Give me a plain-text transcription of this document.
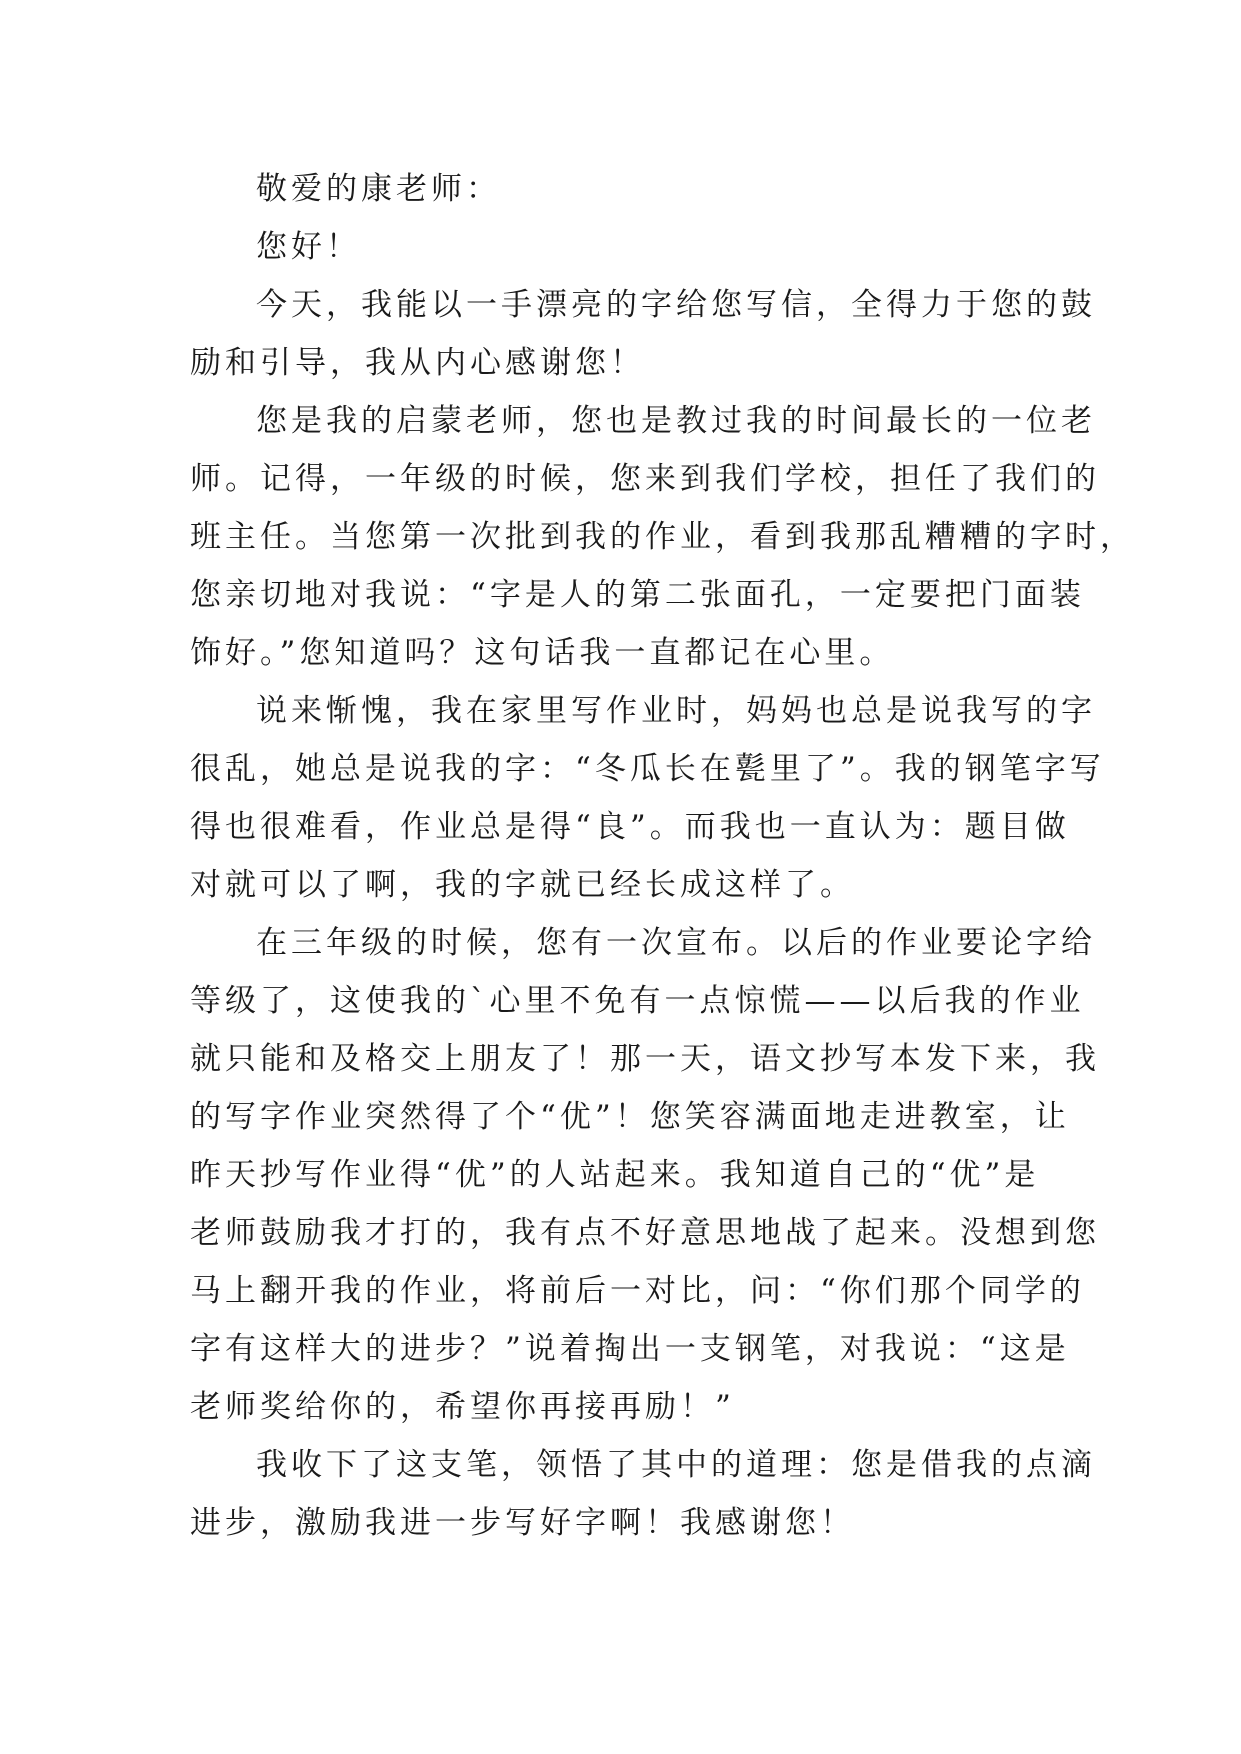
敬爱的康老师：
您好！
今天，我能以一手漂亮的字给您写信，全得力于您的鼓
励和引导，我从内心感谢您！
您是我的启蒙老师，您也是教过我的时间最长的一位老
师。记得，一年级的时候，您来到我们学校，担任了我们的
班主任。当您第一次批到我的作业，看到我那乱糟糟的字时，
您亲切地对我说：“字是人的第二张面孔，一定要把门面装
饰好。”您知道吗？这句话我一直都记在心里。
说来惭愧，我在家里写作业时，妈妈也总是说我写的字
很乱，她总是说我的字：“冬瓜长在甏里了”。我的钢笔字写
得也很难看，作业总是得“良”。而我也一直认为：题目做
对就可以了啊，我的字就已经长成这样了。
在三年级的时候，您有一次宣布。以后的作业要论字给
等级了，这使我的`心里不免有一点惊慌——以后我的作业
就只能和及格交上朋友了！那一天，语文抄写本发下来，我
的写字作业突然得了个“优”！您笑容满面地走进教室，让
昨天抄写作业得“优”的人站起来。我知道自己的“优”是
老师鼓励我才打的，我有点不好意思地战了起来。没想到您
马上翻开我的作业，将前后一对比，问：“你们那个同学的
字有这样大的进步？”说着掏出一支钢笔，对我说：“这是
老师奖给你的，希望你再接再励！”
我收下了这支笔，领悟了其中的道理：您是借我的点滴
进步，激励我进一步写好字啊！我感谢您！
